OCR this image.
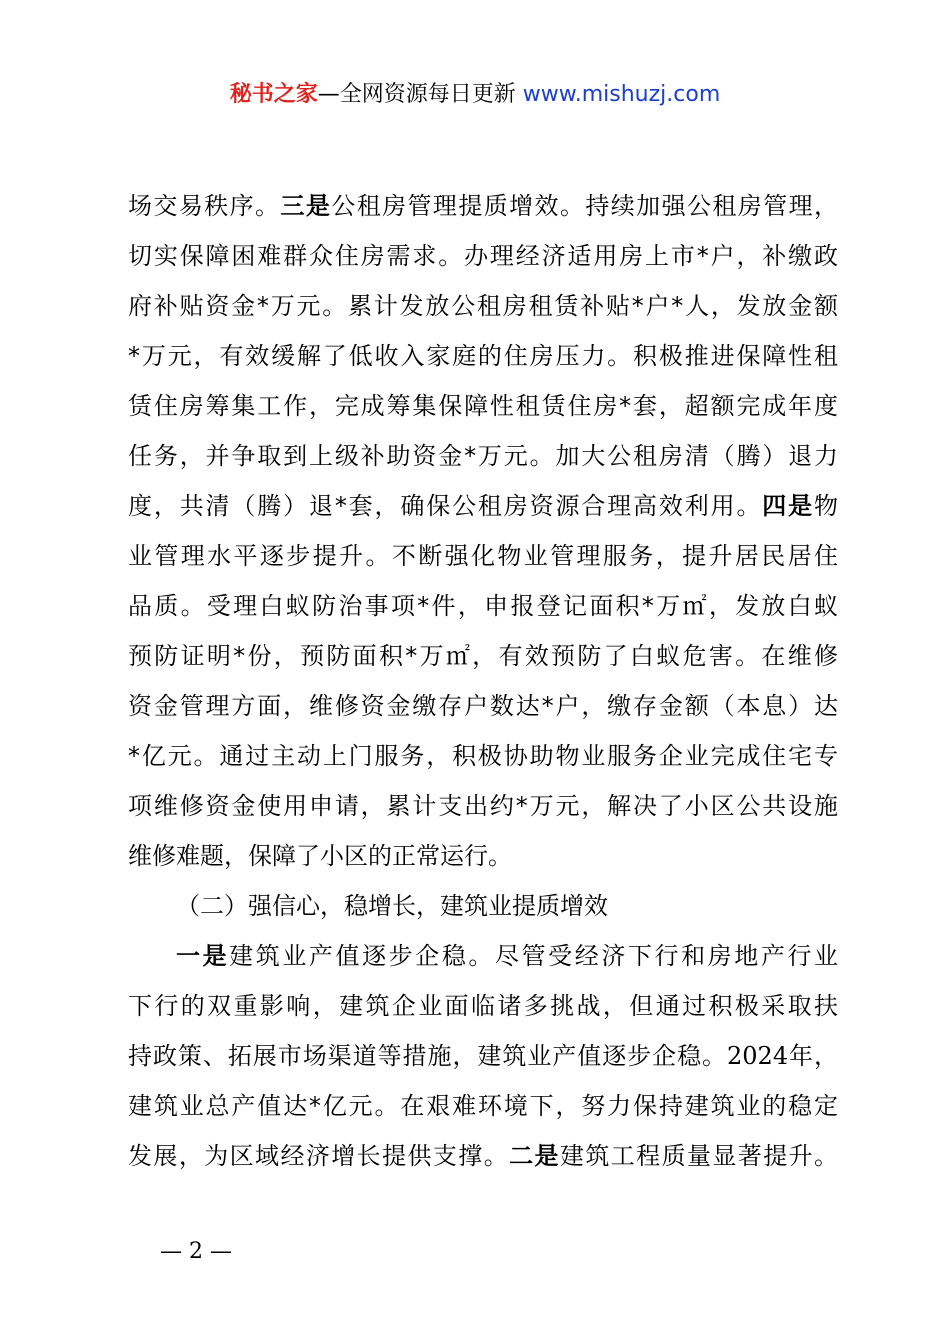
秘书之家—全网资源每日更新 www.mishuzj.com
场交易秩序。三是公租房管理提质增效。持续加强公租房管理，
切实保障困难群众住房需求。办理经济适用房上市*户，补缴政
府补贴资金*万元。累计发放公租房租赁补贴*户*人，发放金额
*万元，有效缓解了低收入家庭的住房压力。积极推进保障性租
赁住房筹集工作，完成筹集保障性租赁住房*套，超额完成年度
任务，并争取到上级补助资金*万元。加大公租房清（腾）退力
度，共清（腾）退*套，确保公租房资源合理高效利用。四是物
业管理水平逐步提升。不断强化物业管理服务，提升居民居住
品质。受理白蚁防治事项*件，申报登记面积*万㎡，发放白蚁
预防证明*份，预防面积*万㎡，有效预防了白蚁危害。在维修
资金管理方面，维修资金缴存户数达*户，缴存金额（本息）达
*亿元。通过主动上门服务，积极协助物业服务企业完成住宅专
项维修资金使用申请，累计支出约*万元，解决了小区公共设施
维修难题，保障了小区的正常运行。
（二）强信心，稳增长，建筑业提质增效
一是建筑业产值逐步企稳。尽管受经济下行和房地产行业
下行的双重影响，建筑企业面临诸多挑战，但通过积极采取扶
持政策、拓展市场渠道等措施，建筑业产值逐步企稳。2024年，
建筑业总产值达*亿元。在艰难环境下，努力保持建筑业的稳定
发展，为区域经济增长提供支撑。二是建筑工程质量显著提升。
— 2 —
